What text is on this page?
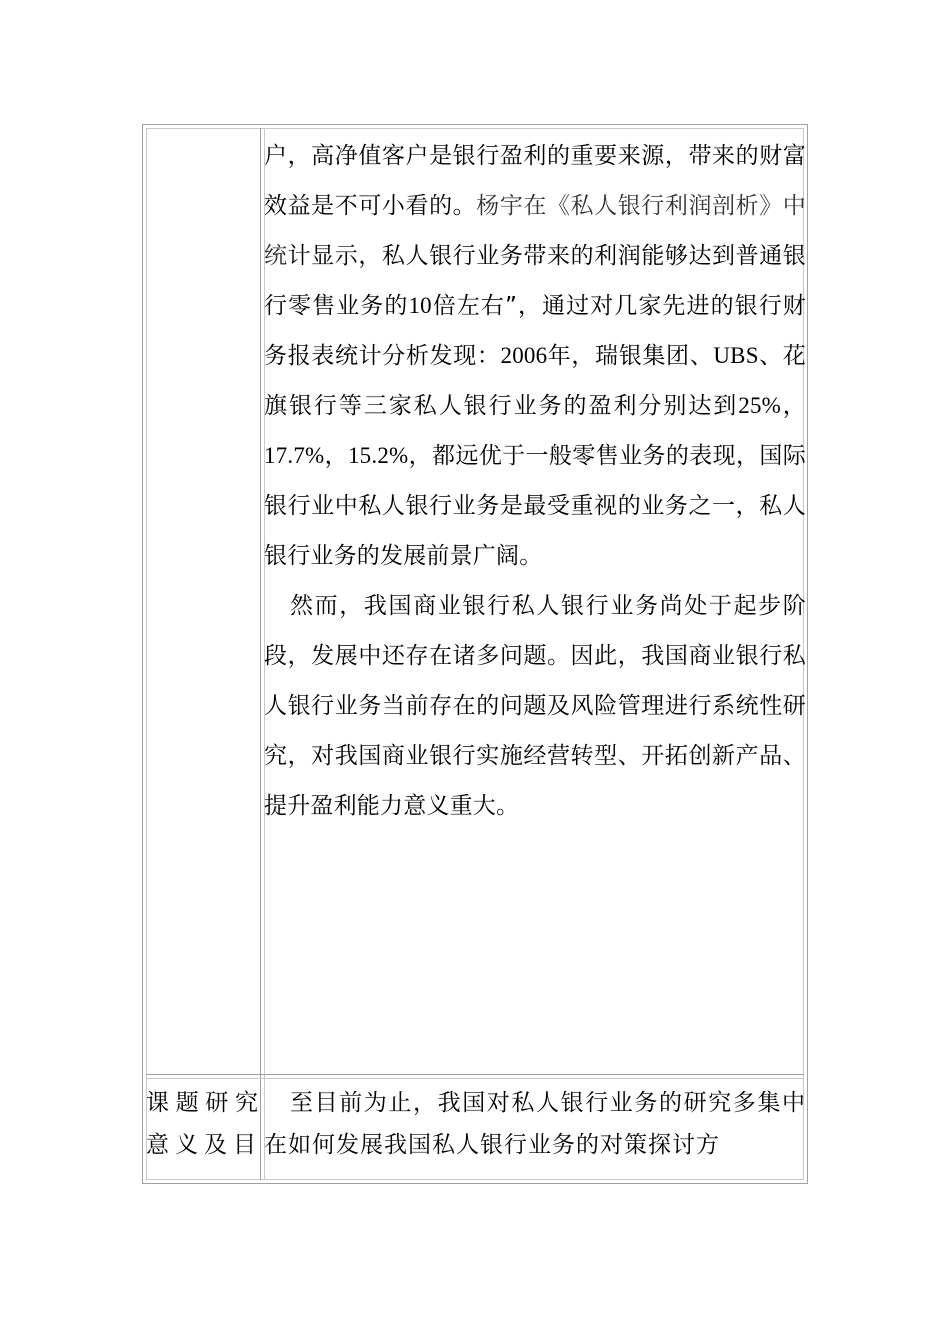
户，高净值客户是银行盈利的重要来源，带来的财富效益是不可小看的。杨宇在《私人银行利润剖析》中统计显示，私人银行业务带来的利润能够达到普通银行零售业务的10倍左右”，通过对几家先进的银行财务报表统计分析发现：2006年，瑞银集团、UBS、花旗银行等三家私人银行业务的盈利分别达到25%，17.7%，15.2%，都远优于一般零售业务的表现，国际银行业中私人银行业务是最受重视的业务之一，私人银行业务的发展前景广阔。

然而，我国商业银行私人银行业务尚处于起步阶段，发展中还存在诸多问题。因此，我国商业银行私人银行业务当前存在的问题及风险管理进行系统性研究，对我国商业银行实施经营转型、开拓创新产品、提升盈利能力意义重大。

课题研究意义及目

至目前为止，我国对私人银行业务的研究多集中在如何发展我国私人银行业务的对策探讨方
